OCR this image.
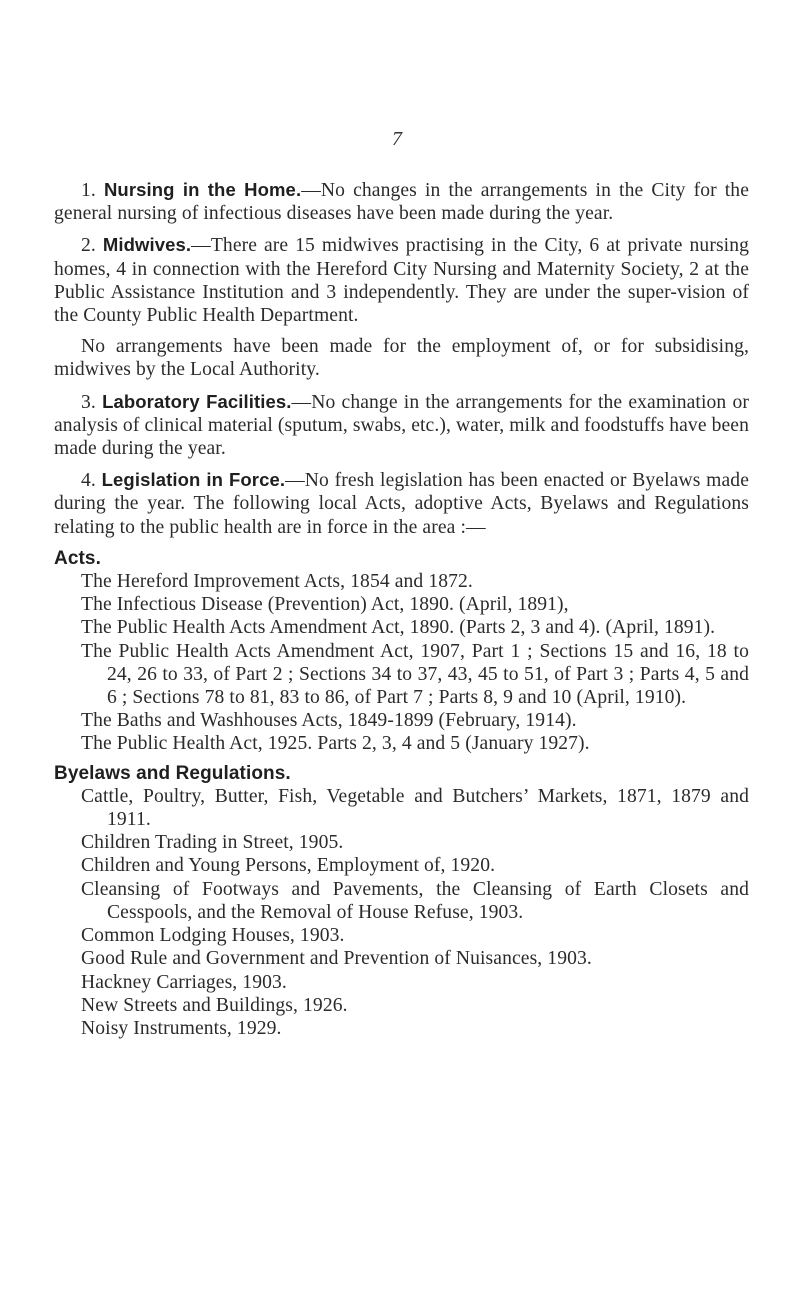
7

1. Nursing in the Home.—No changes in the arrangements in the City for the general nursing of infectious diseases have been made during the year.

2. Midwives.—There are 15 midwives practising in the City, 6 at private nursing homes, 4 in connection with the Hereford City Nursing and Maternity Society, 2 at the Public Assistance Institution and 3 independently. They are under the super-vision of the County Public Health Department.

No arrangements have been made for the employment of, or for subsidising, midwives by the Local Authority.

3. Laboratory Facilities.—No change in the arrangements for the examination or analysis of clinical material (sputum, swabs, etc.), water, milk and foodstuffs have been made during the year.

4. Legislation in Force.—No fresh legislation has been enacted or Byelaws made during the year. The following local Acts, adoptive Acts, Byelaws and Regulations relating to the public health are in force in the area :—

Acts.
The Hereford Improvement Acts, 1854 and 1872.
The Infectious Disease (Prevention) Act, 1890. (April, 1891),
The Public Health Acts Amendment Act, 1890. (Parts 2, 3 and 4). (April, 1891).
The Public Health Acts Amendment Act, 1907, Part 1 ; Sections 15 and 16, 18 to 24, 26 to 33, of Part 2 ; Sections 34 to 37, 43, 45 to 51, of Part 3 ; Parts 4, 5 and 6 ; Sections 78 to 81, 83 to 86, of Part 7 ; Parts 8, 9 and 10 (April, 1910).
The Baths and Washhouses Acts, 1849-1899 (February, 1914).
The Public Health Act, 1925. Parts 2, 3, 4 and 5 (January 1927).
Byelaws and Regulations.
Cattle, Poultry, Butter, Fish, Vegetable and Butchers’ Markets, 1871, 1879 and 1911.
Children Trading in Street, 1905.
Children and Young Persons, Employment of, 1920.
Cleansing of Footways and Pavements, the Cleansing of Earth Closets and Cesspools, and the Removal of House Refuse, 1903.
Common Lodging Houses, 1903.
Good Rule and Government and Prevention of Nuisances, 1903.
Hackney Carriages, 1903.
New Streets and Buildings, 1926.
Noisy Instruments, 1929.
